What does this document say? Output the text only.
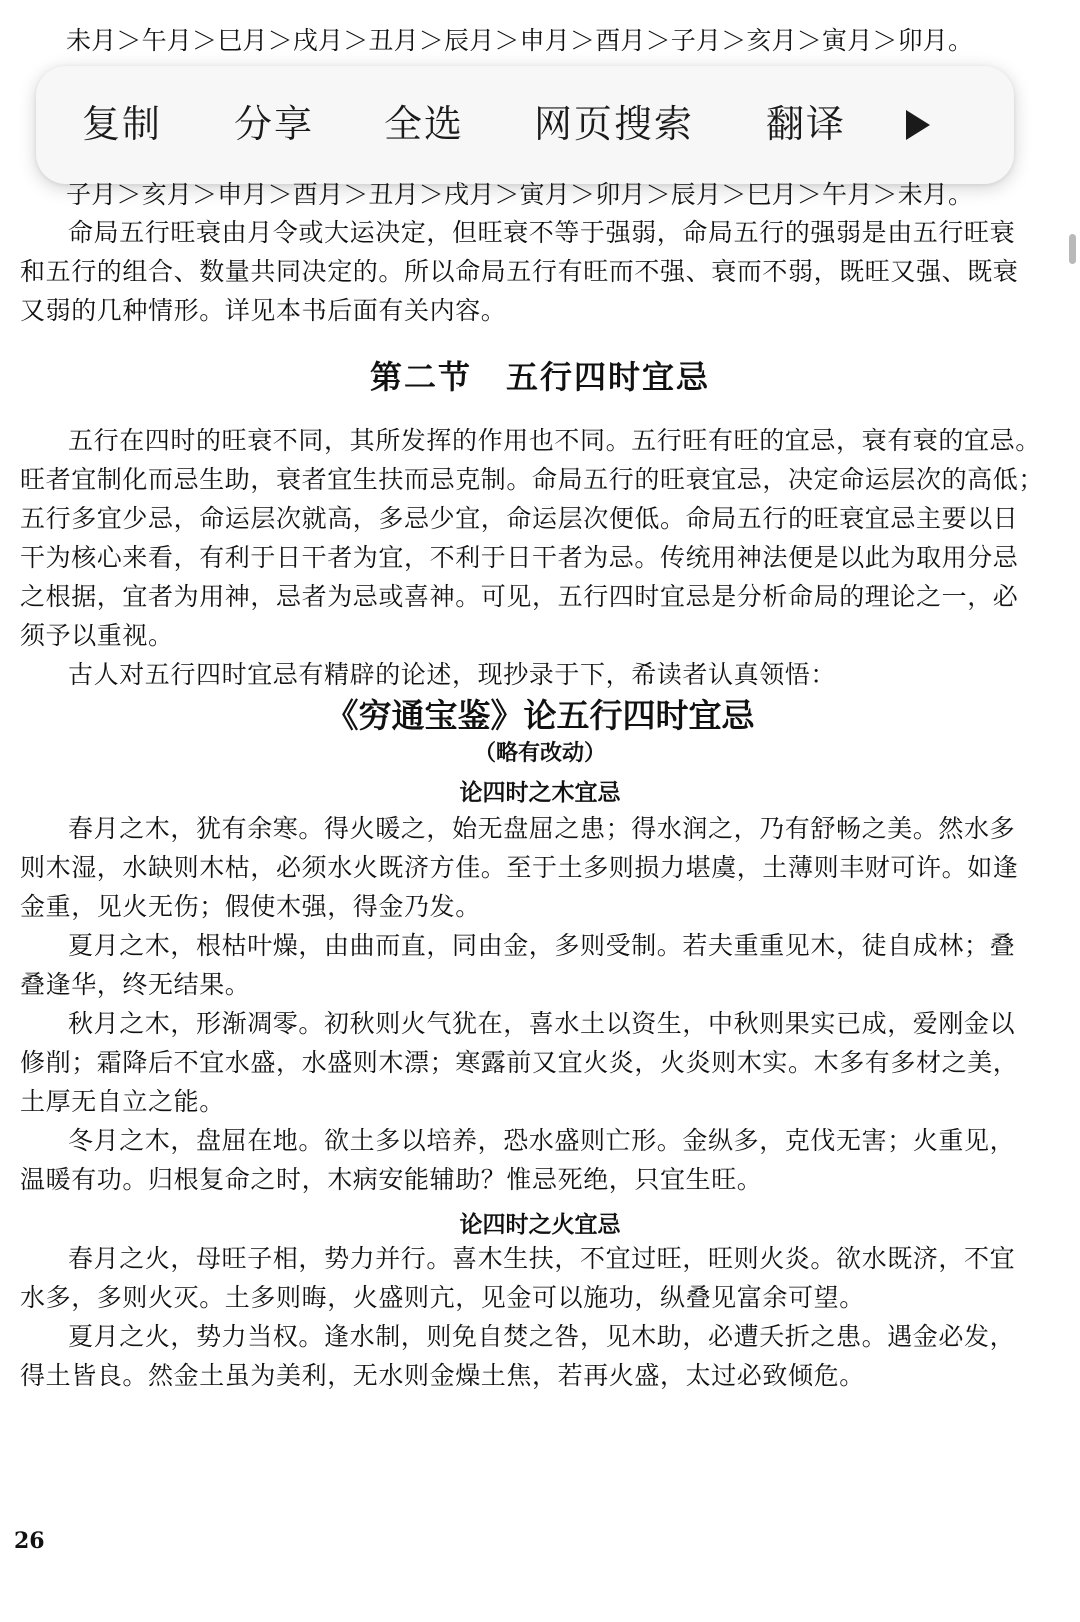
未月＞午月＞巳月＞戌月＞丑月＞辰月＞申月＞酉月＞子月＞亥月＞寅月＞卯月。
复制 分享 全选 网页搜索 翻译
子月＞亥月＞申月＞酉月＞丑月＞戌月＞寅月＞卯月＞辰月＞巳月＞午月＞未月。
命局五行旺衰由月令或大运决定，但旺衰不等于强弱，命局五行的强弱是由五行旺衰
和五行的组合、数量共同决定的。所以命局五行有旺而不强、衰而不弱，既旺又强、既衰
又弱的几种情形。详见本书后面有关内容。
第二节　五行四时宜忌
五行在四时的旺衰不同，其所发挥的作用也不同。五行旺有旺的宜忌，衰有衰的宜忌。
旺者宜制化而忌生助，衰者宜生扶而忌克制。命局五行的旺衰宜忌，决定命运层次的高低；
五行多宜少忌，命运层次就高，多忌少宜，命运层次便低。命局五行的旺衰宜忌主要以日
干为核心来看，有利于日干者为宜，不利于日干者为忌。传统用神法便是以此为取用分忌
之根据，宜者为用神，忌者为忌或喜神。可见，五行四时宜忌是分析命局的理论之一，必
须予以重视。
古人对五行四时宜忌有精辟的论述，现抄录于下，希读者认真领悟：
《穷通宝鉴》论五行四时宜忌
（略有改动）
论四时之木宜忌
春月之木，犹有余寒。得火暖之，始无盘屈之患；得水润之，乃有舒畅之美。然水多
则木湿，水缺则木枯，必须水火既济方佳。至于土多则损力堪虞，土薄则丰财可许。如逢
金重，见火无伤；假使木强，得金乃发。
夏月之木，根枯叶燥，由曲而直，同由金，多则受制。若夫重重见木，徒自成林；叠
叠逢华，终无结果。
秋月之木，形渐凋零。初秋则火气犹在，喜水土以资生，中秋则果实已成，爱刚金以
修削；霜降后不宜水盛，水盛则木漂；寒露前又宜火炎，火炎则木实。木多有多材之美，
土厚无自立之能。
冬月之木，盘屈在地。欲土多以培养，恐水盛则亡形。金纵多，克伐无害；火重见，
温暖有功。归根复命之时，木病安能辅助？惟忌死绝，只宜生旺。
论四时之火宜忌
春月之火，母旺子相，势力并行。喜木生扶，不宜过旺，旺则火炎。欲水既济，不宜
水多，多则火灭。土多则晦，火盛则亢，见金可以施功，纵叠见富余可望。
夏月之火，势力当权。逢水制，则免自焚之咎，见木助，必遭夭折之患。遇金必发，
得土皆良。然金土虽为美利，无水则金燥土焦，若再火盛，太过必致倾危。
26
